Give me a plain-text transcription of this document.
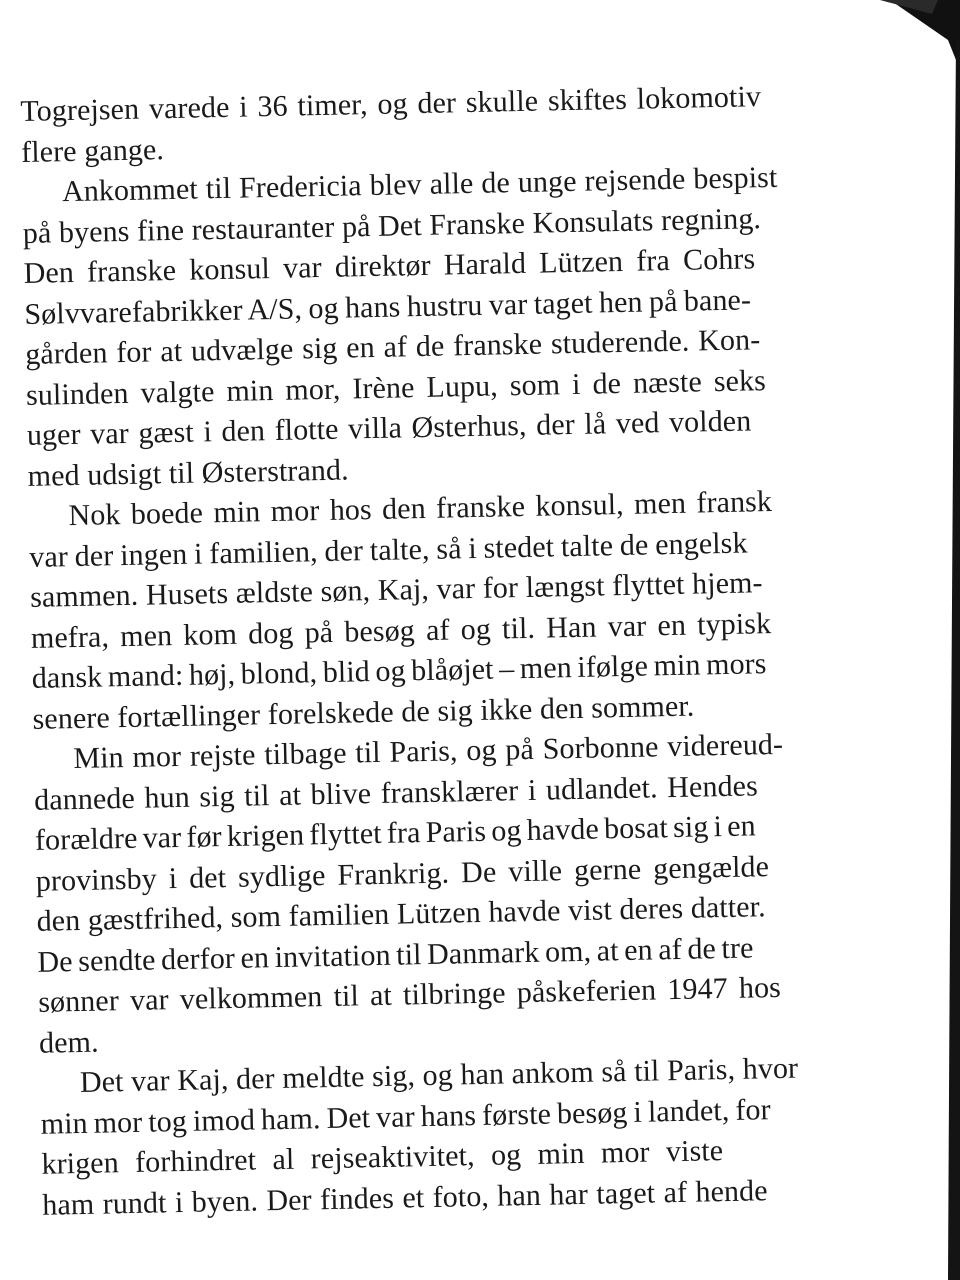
Togrejsen varede i 36 timer, og der skulle skiftes lokomotiv
flere gange.
Ankommet til Fredericia blev alle de unge rejsende bespist
på byens fine restauranter på Det Franske Konsulats regning.
Den franske konsul var direktør Harald Lützen fra Cohrs
Sølvvarefabrikker A/S, og hans hustru var taget hen på bane-
gården for at udvælge sig en af de franske studerende. Kon-
sulinden valgte min mor, Irène Lupu, som i de næste seks
uger var gæst i den flotte villa Østerhus, der lå ved volden
med udsigt til Østerstrand.
Nok boede min mor hos den franske konsul, men fransk
var der ingen i familien, der talte, så i stedet talte de engelsk
sammen. Husets ældste søn, Kaj, var for længst flyttet hjem-
mefra, men kom dog på besøg af og til. Han var en typisk
dansk mand: høj, blond, blid og blåøjet – men ifølge min mors
senere fortællinger forelskede de sig ikke den sommer.
Min mor rejste tilbage til Paris, og på Sorbonne videreud-
dannede hun sig til at blive fransklærer i udlandet. Hendes
forældre var før krigen flyttet fra Paris og havde bosat sig i en
provinsby i det sydlige Frankrig. De ville gerne gengælde
den gæstfrihed, som familien Lützen havde vist deres datter.
De sendte derfor en invitation til Danmark om, at en af de tre
sønner var velkommen til at tilbringe påskeferien 1947 hos
dem.
Det var Kaj, der meldte sig, og han ankom så til Paris, hvor
min mor tog imod ham. Det var hans første besøg i landet, for
krigen forhindret al rejseaktivitet, og min mor viste
ham rundt i byen. Der findes et foto, han har taget af hende
